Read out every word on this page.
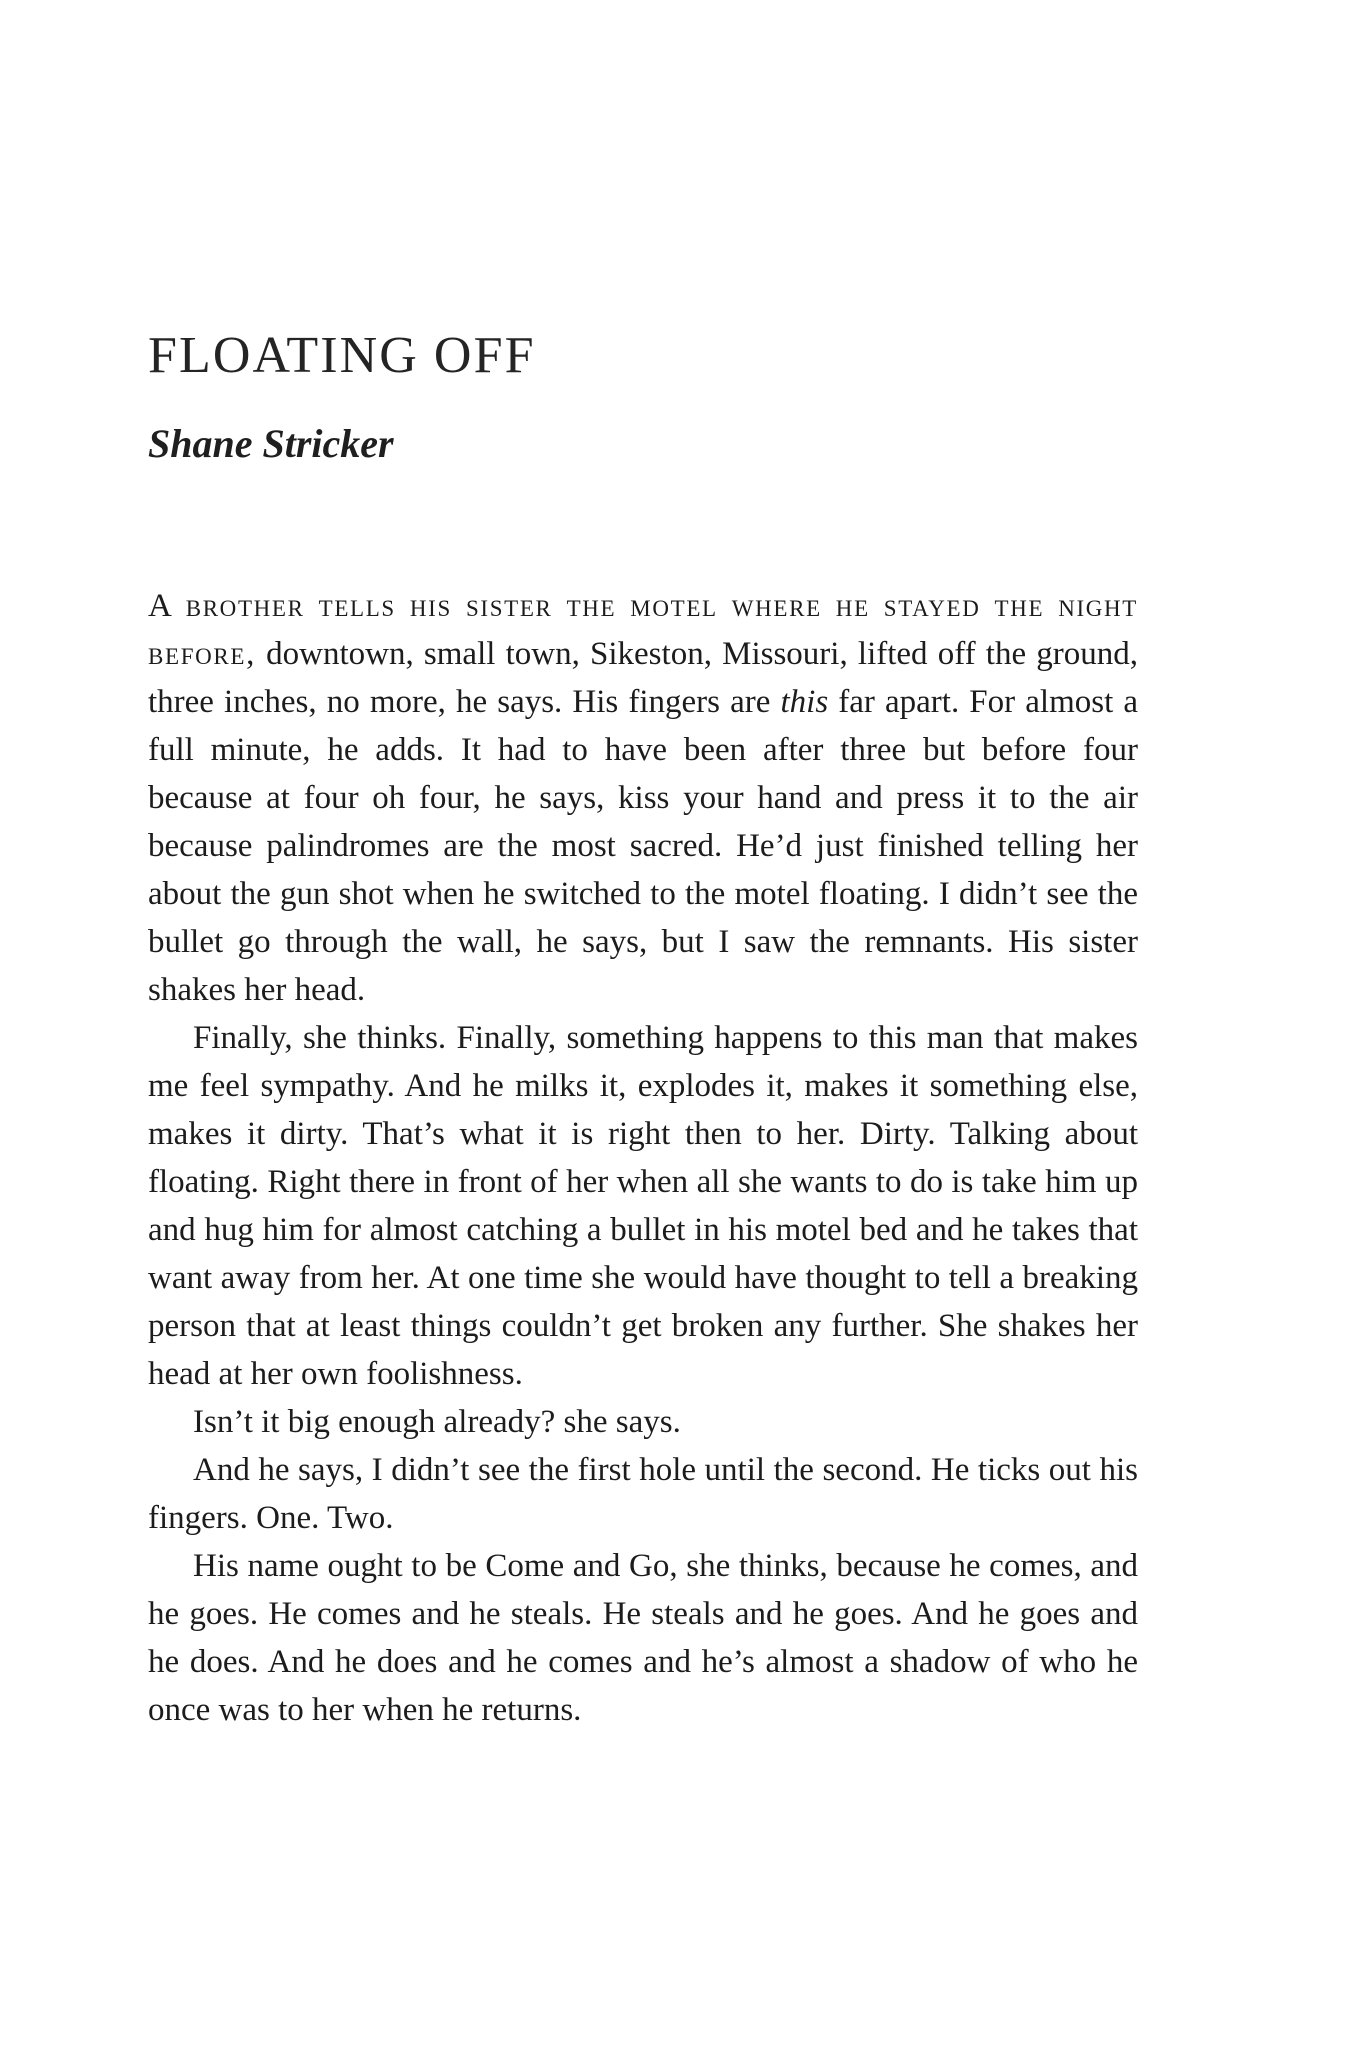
FLOATING OFF
Shane Stricker

A brother tells his sister the motel where he stayed the night before, downtown, small town, Sikeston, Missouri, lifted off the ground, three inches, no more, he says. His fingers are this far apart. For almost a full minute, he adds. It had to have been after three but before four because at four oh four, he says, kiss your hand and press it to the air because palindromes are the most sacred. He’d just finished telling her about the gun shot when he switched to the motel floating. I didn’t see the bullet go through the wall, he says, but I saw the remnants. His sister shakes her head.

Finally, she thinks. Finally, something happens to this man that makes me feel sympathy. And he milks it, explodes it, makes it something else, makes it dirty. That’s what it is right then to her. Dirty. Talking about floating. Right there in front of her when all she wants to do is take him up and hug him for almost catching a bullet in his motel bed and he takes that want away from her. At one time she would have thought to tell a breaking person that at least things couldn’t get broken any further. She shakes her head at her own foolishness.

Isn’t it big enough already? she says.

And he says, I didn’t see the first hole until the second. He ticks out his fingers. One. Two.

His name ought to be Come and Go, she thinks, because he comes, and he goes. He comes and he steals. He steals and he goes. And he goes and he does. And he does and he comes and he’s almost a shadow of who he once was to her when he returns.
